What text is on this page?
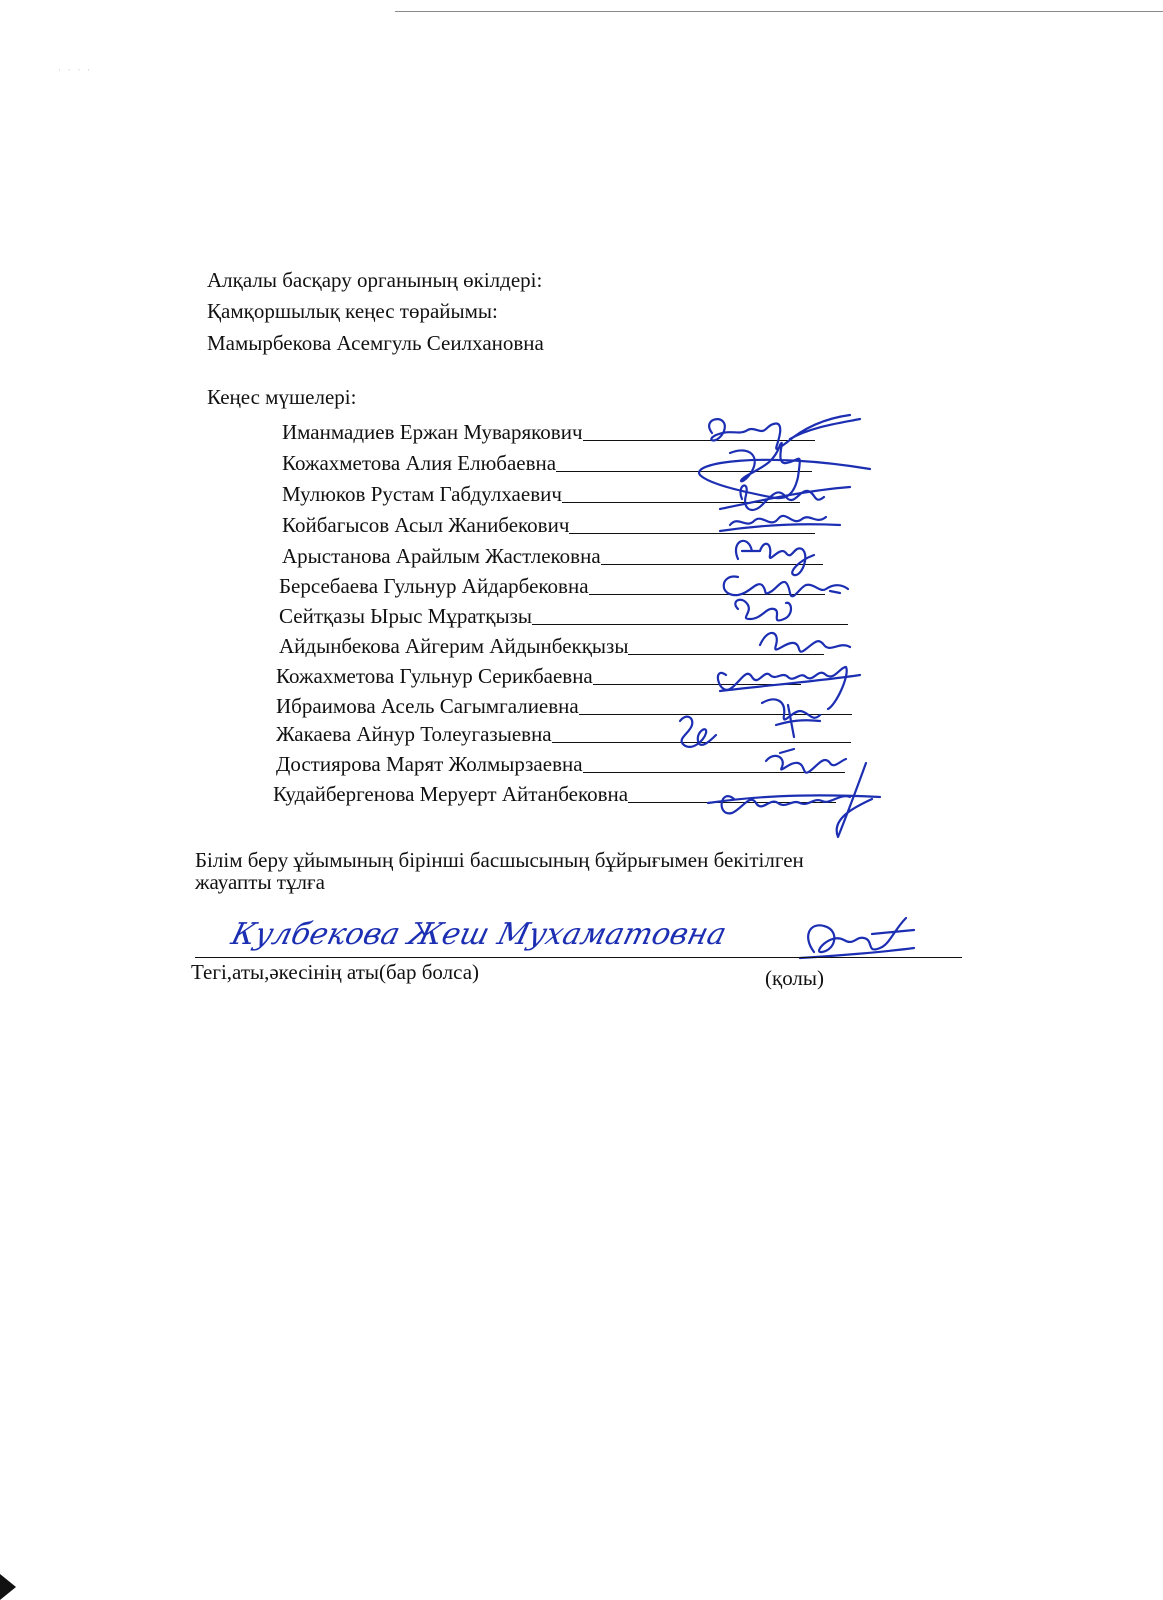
· · · ·
Алқалы басқару органының өкілдері:
Қамқоршылық кеңес төрайымы:
Мамырбекова Асемгуль Сеилхановна
Кеңес мүшелері:
Иманмадиев Ержан Муварякович
Кожахметова Алия Елюбаевна
Мулюков Рустам Габдулхаевич
Койбагысов Асыл Жанибекович
Арыстанова Арайлым Жастлековна
Берсебаева Гульнур Айдарбековна
Сейтқазы Ырыс Мұратқызы
Айдынбекова Айгерим Айдынбекқызы
Кожахметова Гульнур Серикбаевна
Ибраимова Асель Сагымгалиевна
Жакаева Айнур Толеугазыевна
Достиярова Марят Жолмырзаевна
Кудайбергенова Меруерт Айтанбековна
Білім беру ұйымының бірінші басшысының бұйрығымен бекітілген
жауапты тұлға
Кулбекова Жеш Мухаматовна
Тегі,аты,әкесінің аты(бар болса)	(қолы)
